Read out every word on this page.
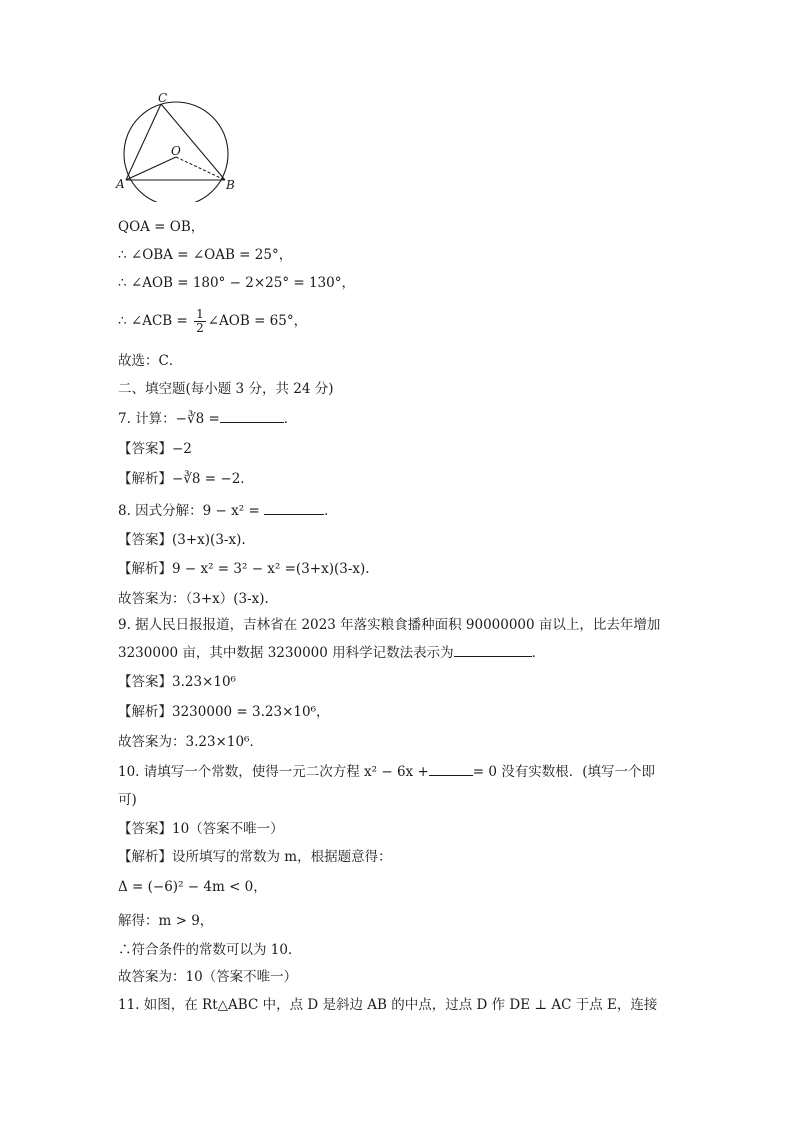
C
O
A	B
QOA = OB，
∴ ∠OBA = ∠OAB = 25°，
∴ ∠AOB = 180° − 2×25° = 130°，
∴ ∠ACB = $\frac{1}{2}$ ∠AOB = 65°，
故选：C．
二、填空题(每小题 3 分，共 24 分)
7. 计算：−∛8 =	．
【答案】−2
【解析】−∛8 = −2．
8. 因式分解：9 − x² =	．
【答案】(3+x)(3-x).
【解析】9 − x² = 3² − x² =(3+x)(3-x).
故答案为：（3+x）(3-x).
9. 据人民日报报道，吉林省在 2023 年落实粮食播种面积 90000000 亩以上，比去年增加
3230000 亩，其中数据 3230000 用科学记数法表示为	．
【答案】3.23×10⁶
【解析】3230000 = 3.23×10⁶，
故答案为：3.23×10⁶．
10. 请填写一个常数，使得一元二次方程 x² − 6x +	= 0 没有实数根．(填写一个即
可)
【答案】10（答案不唯一）
【解析】设所填写的常数为 m，根据题意得：
Δ = (−6)² − 4m < 0，
解得：m > 9，
∴符合条件的常数可以为 10．
故答案为：10（答案不唯一）
11. 如图，在 Rt△ABC 中，点 D 是斜边 AB 的中点，过点 D 作 DE ⊥ AC 于点 E，连接
